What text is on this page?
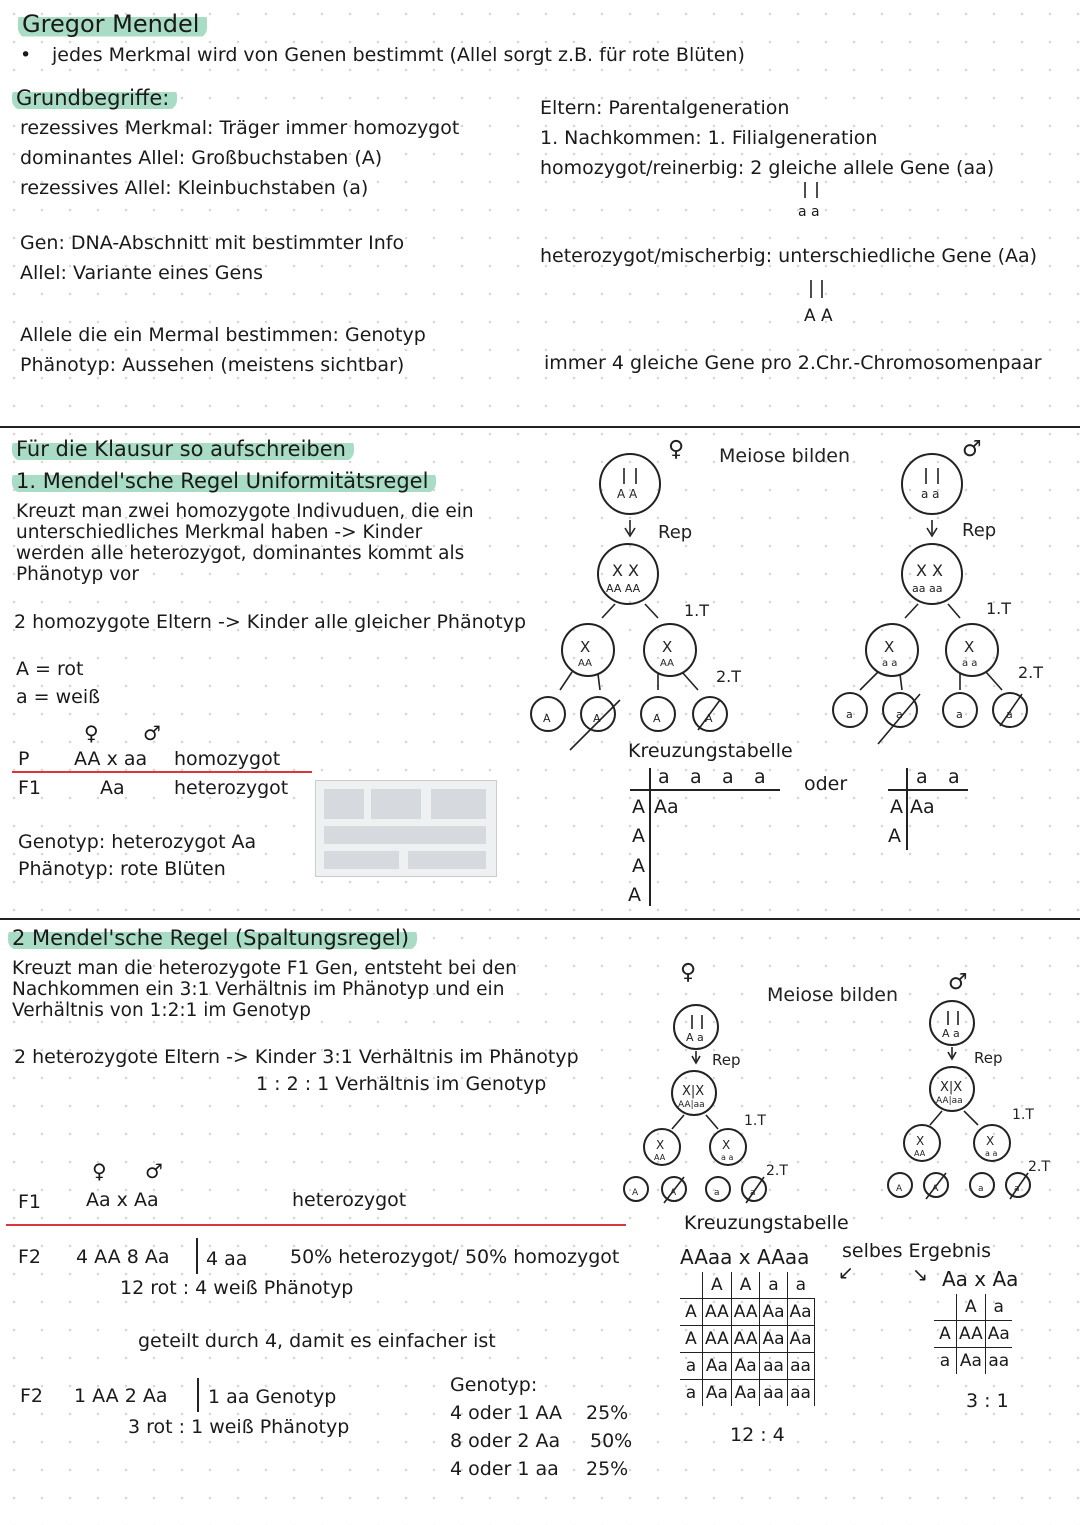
Gregor Mendel
• jedes Merkmal wird von Genen bestimmt (Allel sorgt z.B. für rote Blüten)
Grundbegriffe:
rezessives Merkmal: Träger immer homozygot
dominantes Allel: Großbuchstaben (A)
rezessives Allel: Kleinbuchstaben (a)
Gen: DNA-Abschnitt mit bestimmter Info
Allel: Variante eines Gens
Allele die ein Mermal bestimmen: Genotyp
Phänotyp: Aussehen (meistens sichtbar)
Eltern: Parentalgeneration
1. Nachkommen: 1. Filialgeneration
homozygot/reinerbig: 2 gleiche allele Gene (aa)
a a
heterozygot/mischerbig: unterschiedliche Gene (Aa)
A A
immer 4 gleiche Gene pro 2.Chr.-Chromosomenpaar
Für die Klausur so aufschreiben
1. Mendel'sche Regel Uniformitätsregel
Kreuzt man zwei homozygote Indivuduen, die ein
unterschiedliches Merkmal haben -> Kinder
werden alle heterozygot, dominantes kommt als
Phänotyp vor
2 homozygote Eltern -> Kinder alle gleicher Phänotyp
A = rot
a = weiß
♀ ♂
P AA x aa homozygot
F1	Aa	heterozygot
Genotyp: heterozygot Aa
Phänotyp: rote Blüten
♀ Meiose bilden	♂
A A
Rep
X X
AA AA
1.T
X
AA
X
AA
2.T
A	A	A	A
a a
Rep
X X
aa aa
1.T
X
a a
X
a a	2.T
a	a	a	a
Kreuzungstabelle
a a a a
A Aa
A
A
A
oder	a a
A Aa
A
2 Mendel'sche Regel (Spaltungsregel)
Kreuzt man die heterozygote F1 Gen, entsteht bei den
Nachkommen ein 3:1 Verhältnis im Phänotyp und ein
Verhältnis von 1:2:1 im Genotyp
2 heterozygote Eltern -> Kinder 3:1 Verhältnis im Phänotyp
1 : 2 : 1 Verhältnis im Genotyp
♀ ♂
F1 Aa x Aa	heterozygot
F2 4 AA 8 Aa 4 aa 50% heterozygot/ 50% homozygot
12 rot : 4 weiß Phänotyp
geteilt durch 4, damit es einfacher ist
F2 1 AA 2 Aa 1 aa Genotyp
3 rot : 1 weiß Phänotyp
Genotyp:
4 oder 1 AA 25%
8 oder 2 Aa 50%
4 oder 1 aa 25%
♀
Meiose bilden ♂
A a
Rep
X|X
AA|aa
1.T
X
AA
X
a a
2.T
A	A	a	a
A a
Rep
X|X
AA|aa
1.T
X
AA
X
a a
2.T
A	A	a	a
Kreuzungstabelle
AAaa x AAaa
	A	A	a	a
A	AA	AA	Aa	Aa
A	AA	AA	Aa	Aa
a	Aa	Aa	aa	aa
a	Aa	Aa	aa	aa
12 : 4
selbes Ergebnis
↙	↘ Aa x Aa
	A	a
A	AA	Aa
a	Aa	aa
3 : 1
